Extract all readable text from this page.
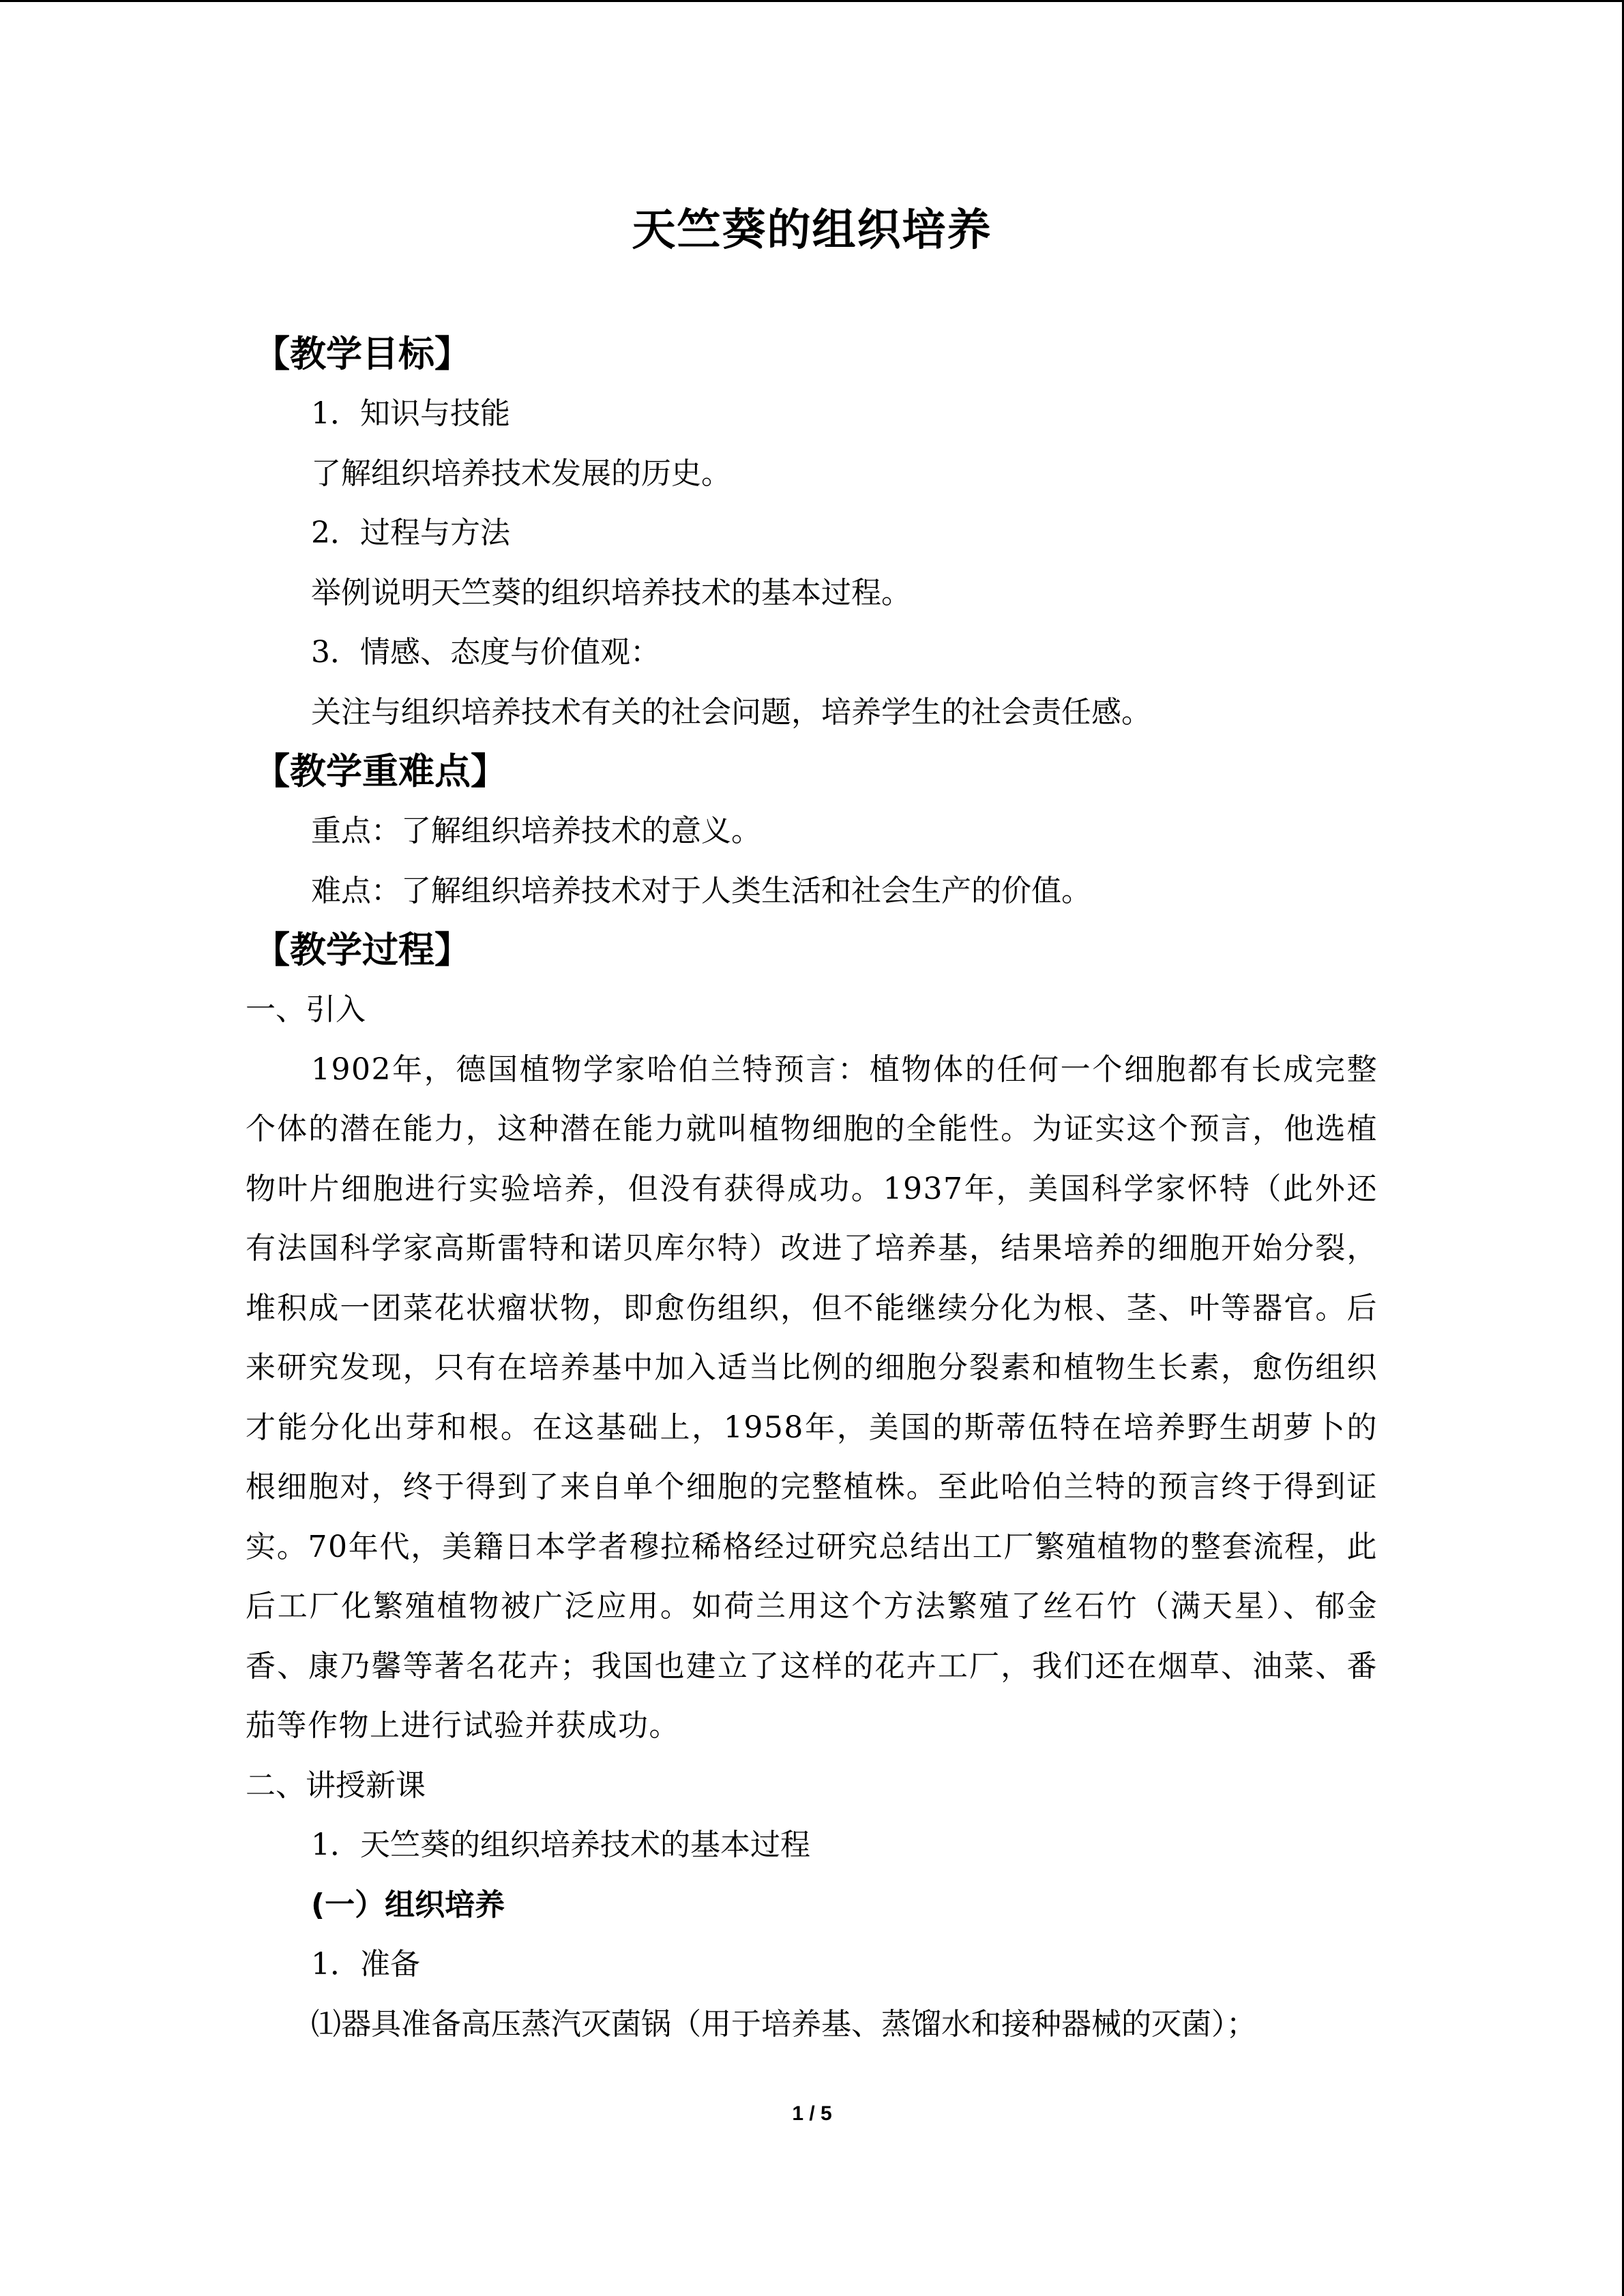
天竺葵的组织培养
【教学目标】
1．知识与技能
了解组织培养技术发展的历史。
2．过程与方法
举例说明天竺葵的组织培养技术的基本过程。
3．情感、态度与价值观：
关注与组织培养技术有关的社会问题，培养学生的社会责任感。
【教学重难点】
重点：了解组织培养技术的意义。
难点：了解组织培养技术对于人类生活和社会生产的价值。
【教学过程】
一、引入
1902年，德国植物学家哈伯兰特预言：植物体的任何一个细胞都有长成完整个体的潜在能力，这种潜在能力就叫植物细胞的全能性。为证实这个预言，他选植物叶片细胞进行实验培养，但没有获得成功。1937年，美国科学家怀特（此外还有法国科学家高斯雷特和诺贝库尔特）改进了培养基，结果培养的细胞开始分裂，堆积成一团菜花状瘤状物，即愈伤组织，但不能继续分化为根、茎、叶等器官。后来研究发现，只有在培养基中加入适当比例的细胞分裂素和植物生长素，愈伤组织才能分化出芽和根。在这基础上，1958年，美国的斯蒂伍特在培养野生胡萝卜的根细胞对，终于得到了来自单个细胞的完整植株。至此哈伯兰特的预言终于得到证实。70年代，美籍日本学者穆拉稀格经过研究总结出工厂繁殖植物的整套流程，此后工厂化繁殖植物被广泛应用。如荷兰用这个方法繁殖了丝石竹（满天星）、郁金香、康乃馨等著名花卉；我国也建立了这样的花卉工厂，我们还在烟草、油菜、番茄等作物上进行试验并获成功。
二、讲授新课
1．天竺葵的组织培养技术的基本过程
(一）组织培养
1．准备
⑴器具准备高压蒸汽灭菌锅（用于培养基、蒸馏水和接种器械的灭菌）；
1 / 5
